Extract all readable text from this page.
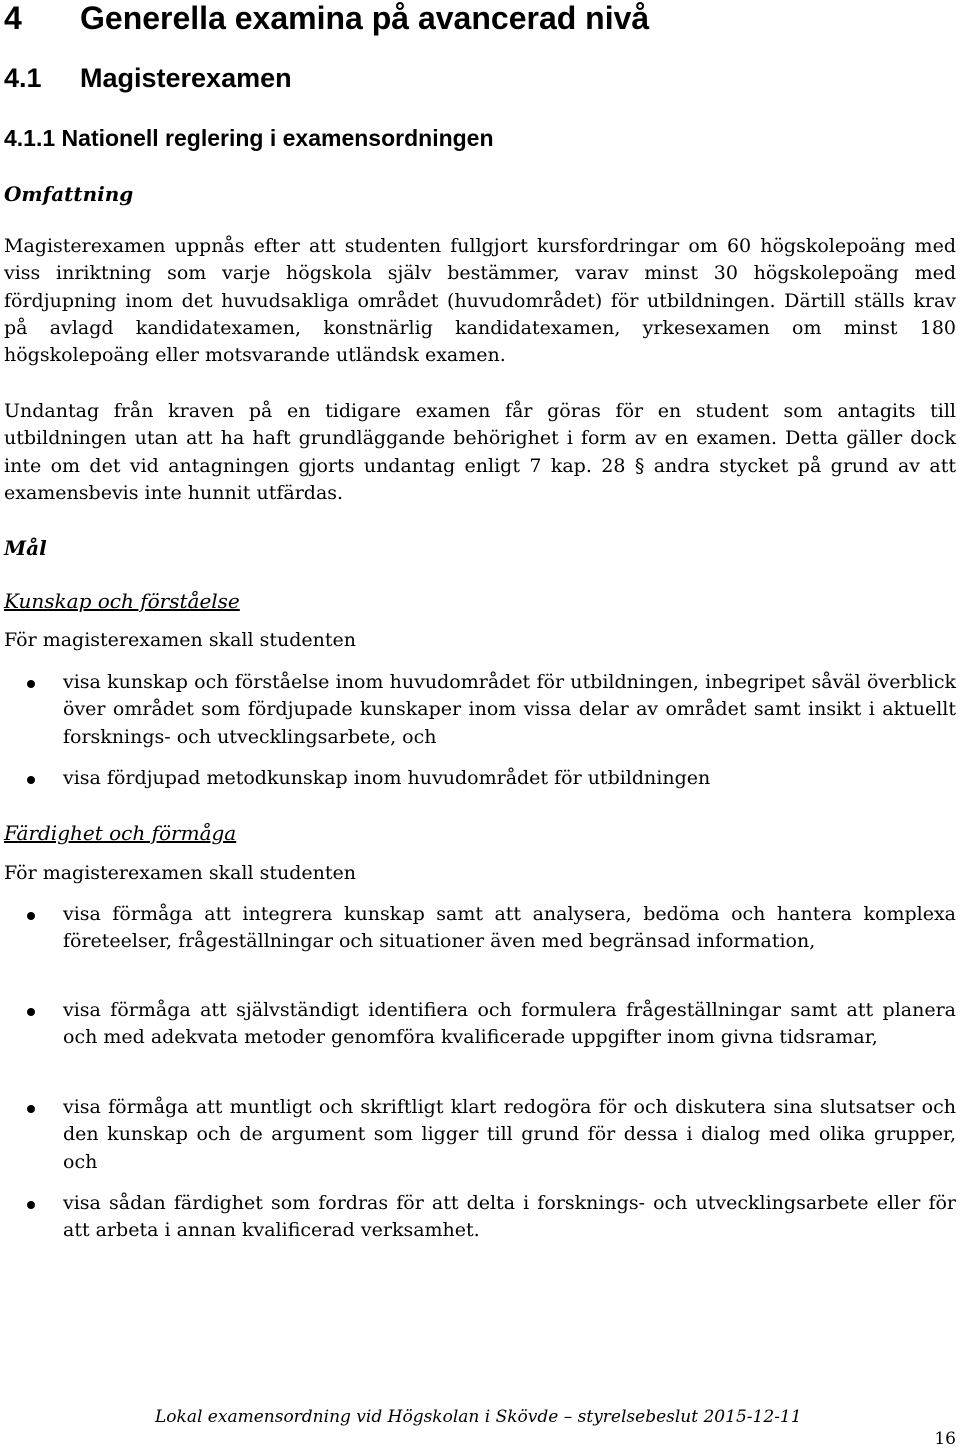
4 Generella examina på avancerad nivå
4.1 Magisterexamen
4.1.1 Nationell reglering i examensordningen
Omfattning
Magisterexamen uppnås efter att studenten fullgjort kursfordringar om 60 högskolepoäng med viss inriktning som varje högskola själv bestämmer, varav minst 30 högskolepoäng med fördjupning inom det huvudsakliga området (huvudområdet) för utbildningen. Därtill ställs krav på avlagd kandidatexamen, konstnärlig kandidatexamen, yrkesexamen om minst 180 högskolepoäng eller motsvarande utländsk examen.
Undantag från kraven på en tidigare examen får göras för en student som antagits till utbildningen utan att ha haft grundläggande behörighet i form av en examen. Detta gäller dock inte om det vid antagningen gjorts undantag enligt 7 kap. 28 § andra stycket på grund av att examensbevis inte hunnit utfärdas.
Mål
Kunskap och förståelse
För magisterexamen skall studenten
visa kunskap och förståelse inom huvudområdet för utbildningen, inbegripet såväl överblick över området som fördjupade kunskaper inom vissa delar av området samt insikt i aktuellt forsknings- och utvecklingsarbete, och
visa fördjupad metodkunskap inom huvudområdet för utbildningen
Färdighet och förmåga
För magisterexamen skall studenten
visa förmåga att integrera kunskap samt att analysera, bedöma och hantera komplexa företeelser, frågeställningar och situationer även med begränsad information,
visa förmåga att självständigt identifiera och formulera frågeställningar samt att planera och med adekvata metoder genomföra kvalificerade uppgifter inom givna tidsramar,
visa förmåga att muntligt och skriftligt klart redogöra för och diskutera sina slutsatser och den kunskap och de argument som ligger till grund för dessa i dialog med olika grupper, och
visa sådan färdighet som fordras för att delta i forsknings- och utvecklingsarbete eller för att arbeta i annan kvalificerad verksamhet.
Lokal examensordning vid Högskolan i Skövde – styrelsebeslut 2015-12-11
16
